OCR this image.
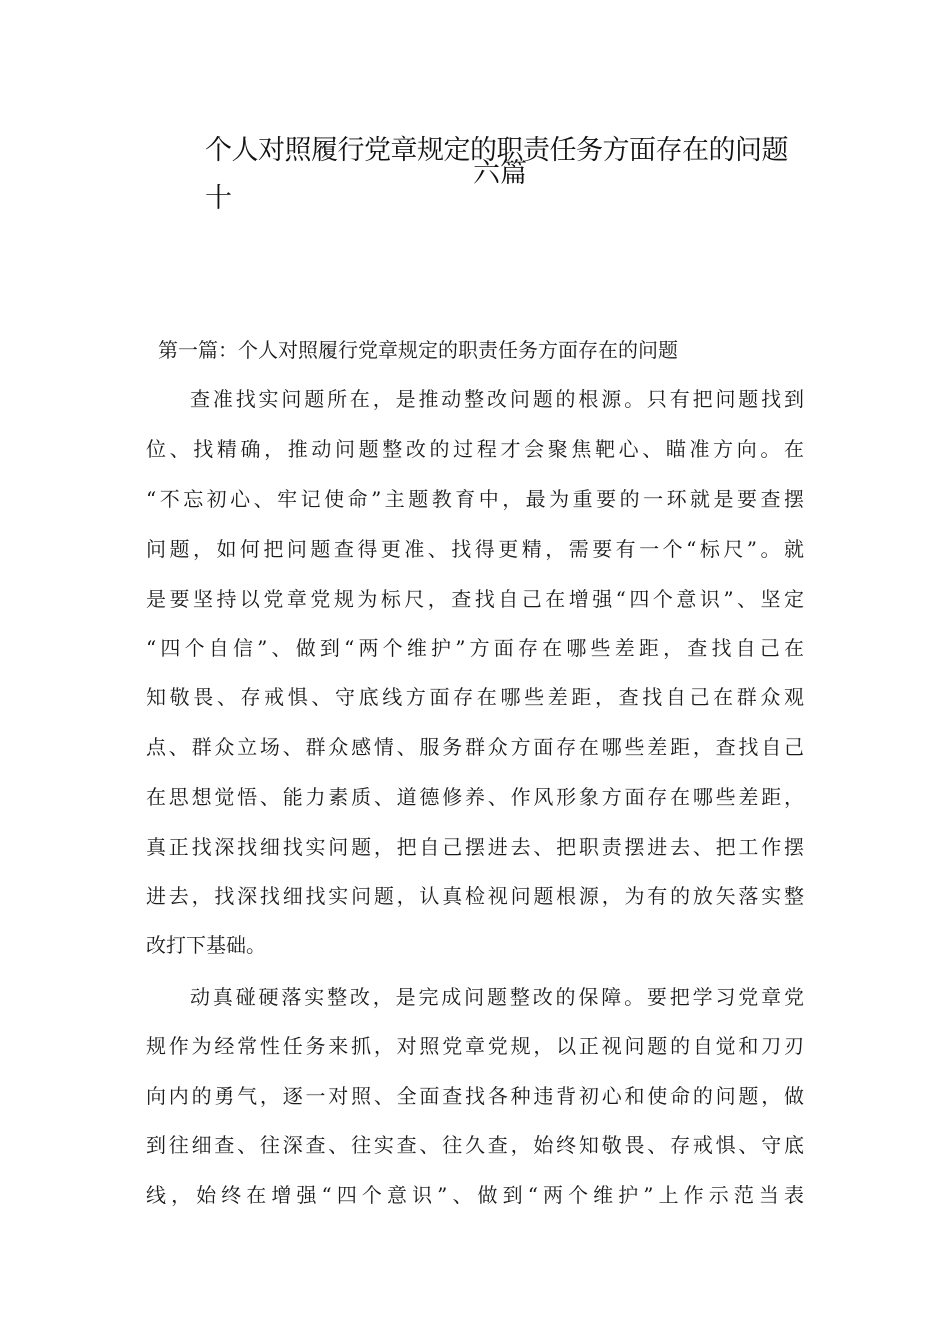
个人对照履行党章规定的职责任务方面存在的问题十
六篇
第一篇：个人对照履行党章规定的职责任务方面存在的问题
查准找实问题所在，是推动整改问题的根源。只有把问题找到
位、找精确，推动问题整改的过程才会聚焦靶心、瞄准方向。在
“不忘初心、牢记使命”主题教育中，最为重要的一环就是要查摆
问题，如何把问题查得更准、找得更精，需要有一个“标尺”。就
是要坚持以党章党规为标尺，查找自己在增强“四个意识”、坚定
“四个自信”、做到“两个维护”方面存在哪些差距，查找自己在
知敬畏、存戒惧、守底线方面存在哪些差距，查找自己在群众观
点、群众立场、群众感情、服务群众方面存在哪些差距，查找自己
在思想觉悟、能力素质、道德修养、作风形象方面存在哪些差距，
真正找深找细找实问题，把自己摆进去、把职责摆进去、把工作摆
进去，找深找细找实问题，认真检视问题根源，为有的放矢落实整
改打下基础。
动真碰硬落实整改，是完成问题整改的保障。要把学习党章党
规作为经常性任务来抓，对照党章党规，以正视问题的自觉和刀刃
向内的勇气，逐一对照、全面查找各种违背初心和使命的问题，做
到往细查、往深查、往实查、往久查，始终知敬畏、存戒惧、守底
线，始终在增强“四个意识”、做到“两个维护”上作示范当表
